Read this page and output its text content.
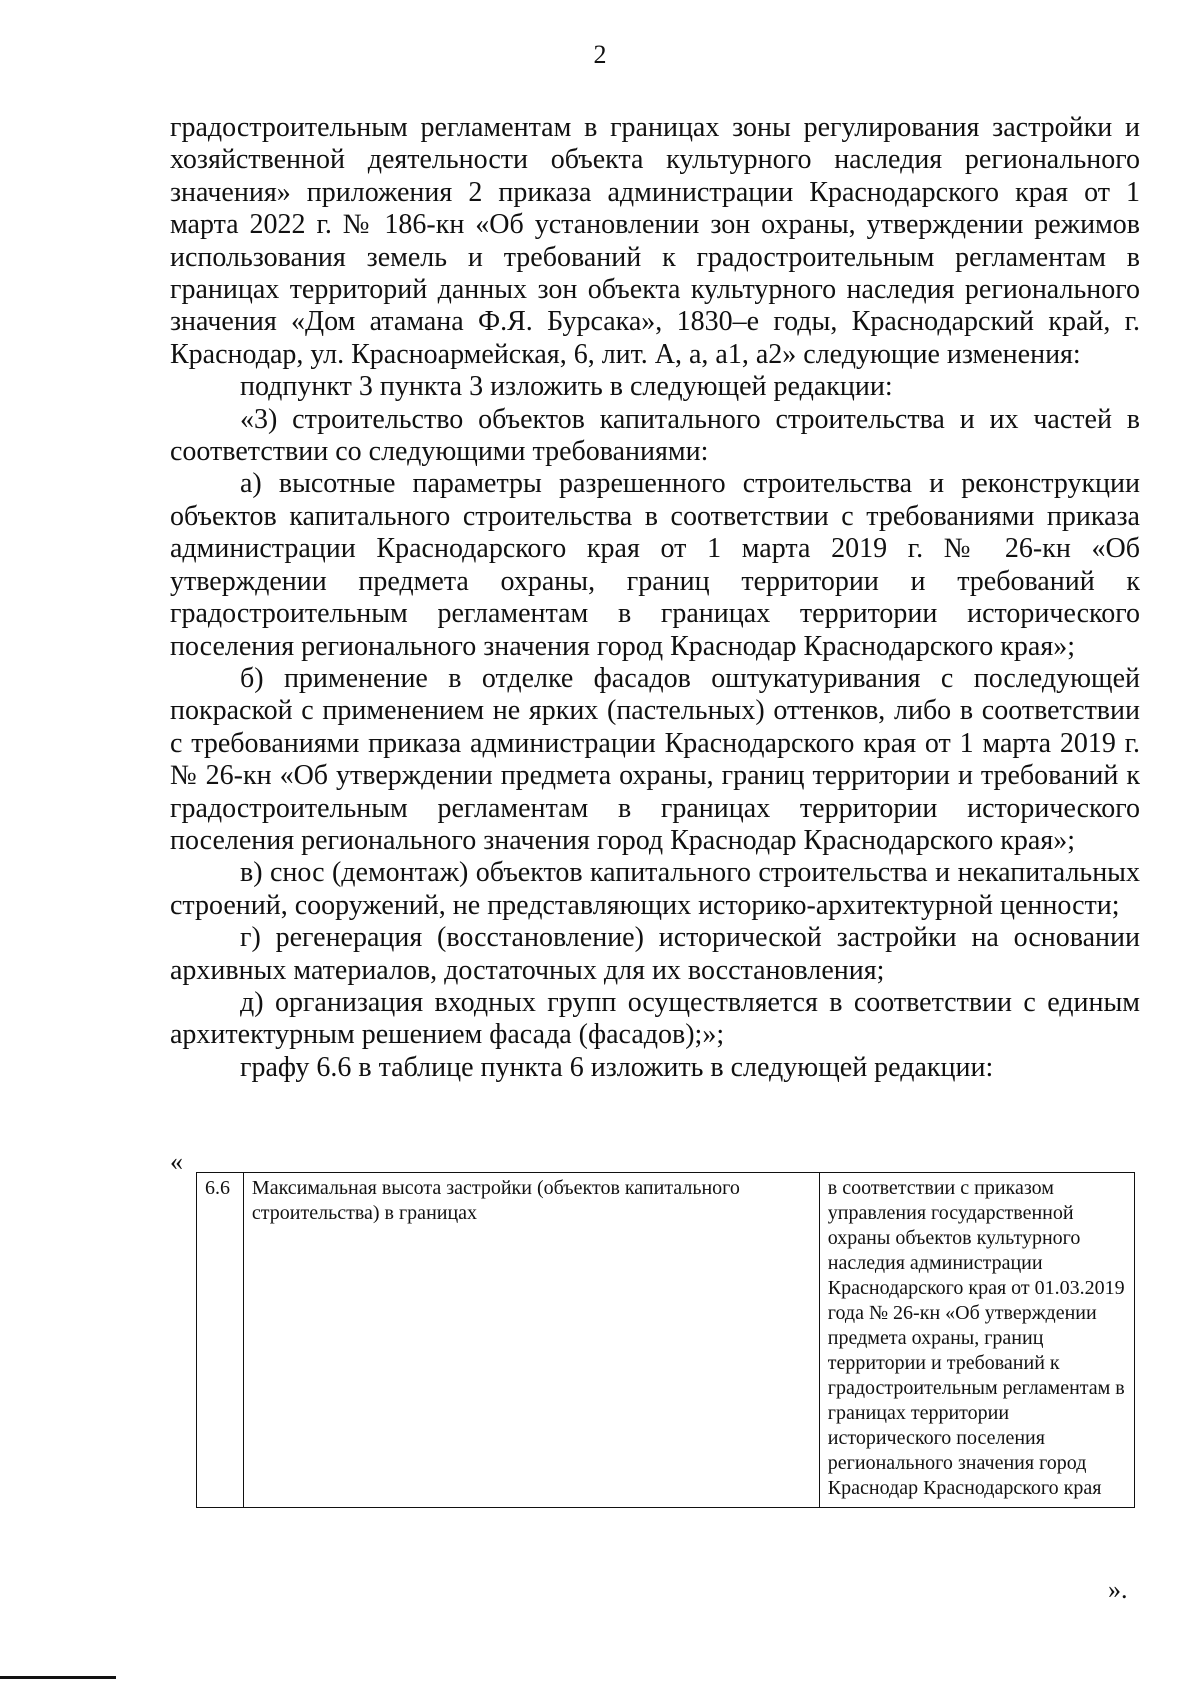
2

градостроительным регламентам в границах зоны регулирования застройки и хозяйственной деятельности объекта культурного наследия регионального значения» приложения 2 приказа администрации Краснодарского края от 1 марта 2022 г. № 186-кн «Об установлении зон охраны, утверждении режимов использования земель и требований к градостроительным регламентам в границах территорий данных зон объекта культурного наследия регионального значения «Дом атамана Ф.Я. Бурсака», 1830–е годы, Краснодарский край, г. Краснодар, ул. Красноармейская, 6, лит. А, а, а1, а2» следующие изменения:

подпункт 3 пункта 3 изложить в следующей редакции:

«3) строительство объектов капитального строительства и их частей в соответствии со следующими требованиями:

а) высотные параметры разрешенного строительства и реконструкции объектов капитального строительства в соответствии с требованиями приказа администрации Краснодарского края от 1 марта 2019 г. № 26-кн «Об утверждении предмета охраны, границ территории и требований к градостроительным регламентам в границах территории исторического поселения регионального значения город Краснодар Краснодарского края»;

б) применение в отделке фасадов оштукатуривания с последующей покраской с применением не ярких (пастельных) оттенков, либо в соответствии с требованиями приказа администрации Краснодарского края от 1 марта 2019 г. № 26-кн «Об утверждении предмета охраны, границ территории и требований к градостроительным регламентам в границах территории исторического поселения регионального значения город Краснодар Краснодарского края»;

в) снос (демонтаж) объектов капитального строительства и некапитальных строений, сооружений, не представляющих историко-архитектурной ценности;

г) регенерация (восстановление) исторической застройки на основании архивных материалов, достаточных для их восстановления;

д) организация входных групп осуществляется в соответствии с единым архитектурным решением фасада (фасадов);»;

графу 6.6 в таблице пункта 6 изложить в следующей редакции:

«
6.6	Максимальная высота застройки (объектов капитального строительства) в границах	в соответствии с приказом управления государственной охраны объектов культурного наследия администрации Краснодарского края от 01.03.2019 года № 26-кн «Об утверждении предмета охраны, границ территории и требований к градостроительным регламентам в границах территории исторического поселения регионального значения город Краснодар Краснодарского края
».
